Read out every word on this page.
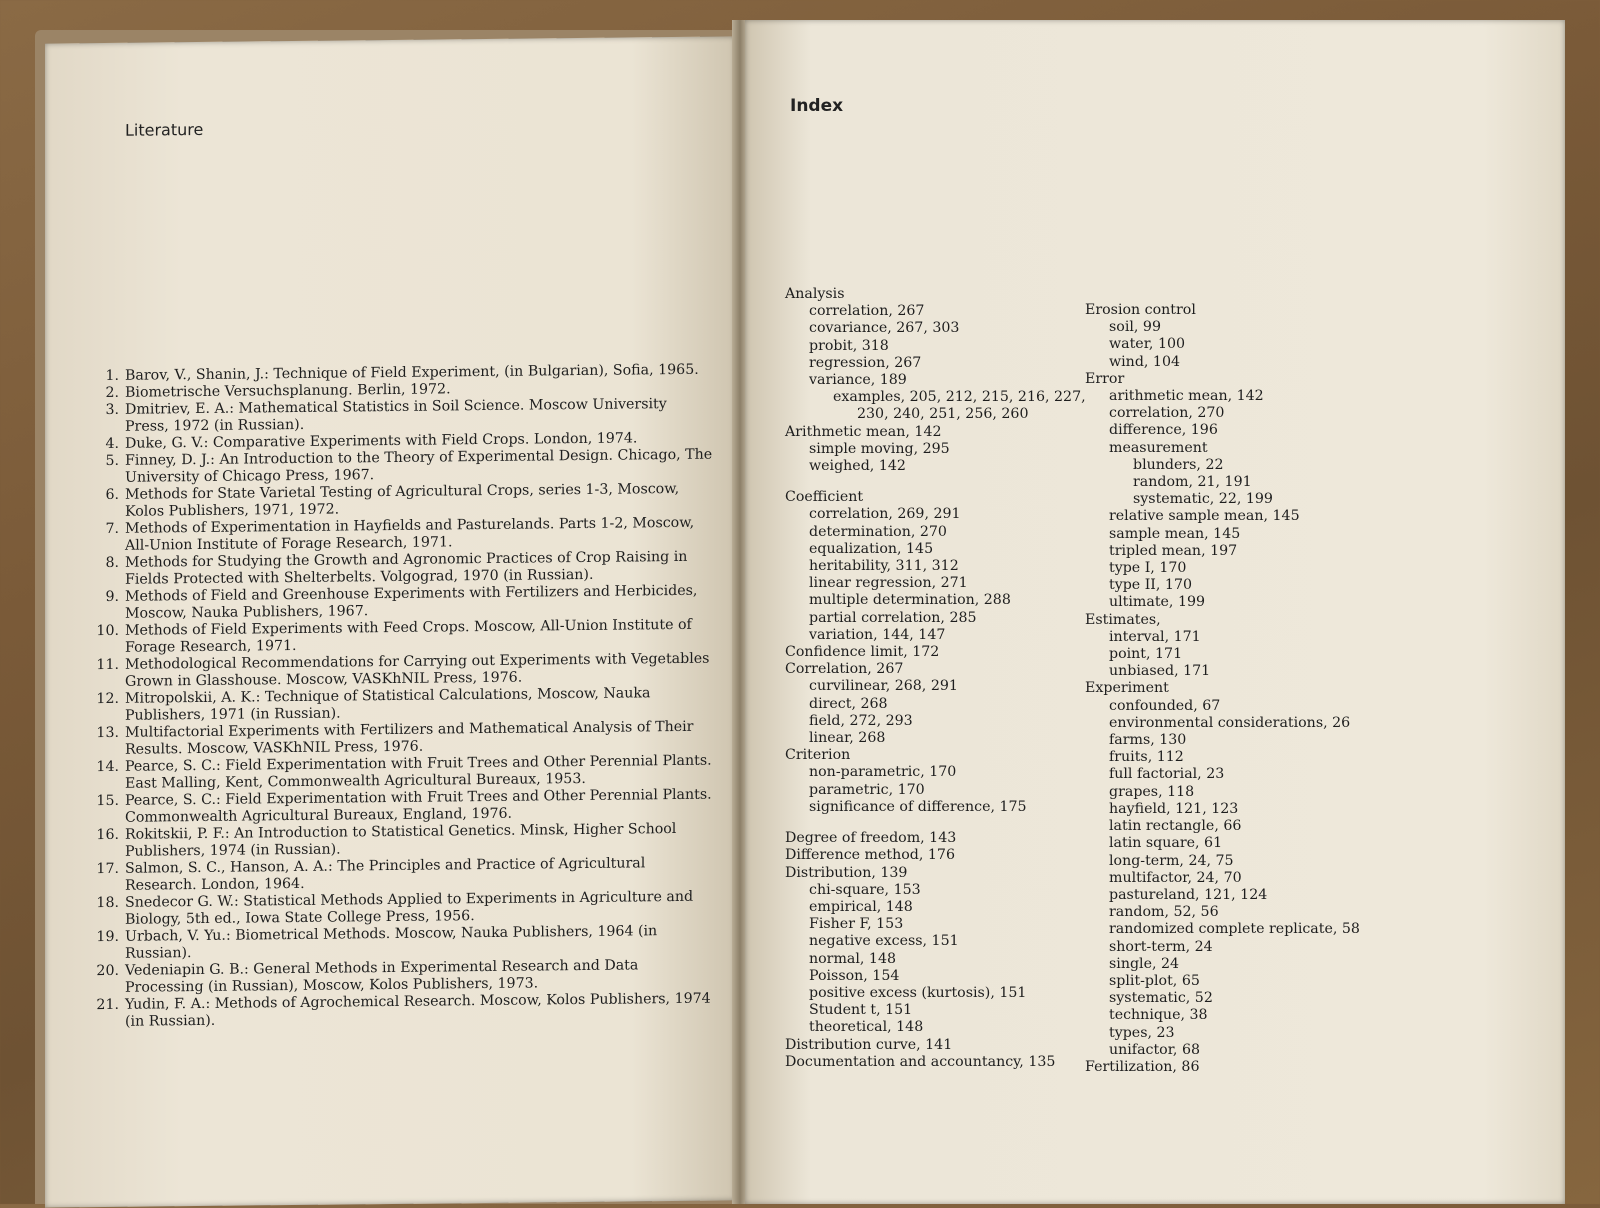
Literature
1. Barov, V., Shanin, J.: Technique of Field Experiment, (in Bulgarian), Sofia, 1965.
2. Biometrische Versuchsplanung. Berlin, 1972.
3. Dmitriev, E. A.: Mathematical Statistics in Soil Science. Moscow University Press, 1972 (in Russian).
4. Duke, G. V.: Comparative Experiments with Field Crops. London, 1974.
5. Finney, D. J.: An Introduction to the Theory of Experimental Design. Chicago, The University of Chicago Press, 1967.
6. Methods for State Varietal Testing of Agricultural Crops, series 1-3, Moscow, Kolos Publishers, 1971, 1972.
7. Methods of Experimentation in Hayfields and Pasturelands. Parts 1-2, Moscow, All-Union Institute of Forage Research, 1971.
8. Methods for Studying the Growth and Agronomic Practices of Crop Raising in Fields Protected with Shelterbelts. Volgograd, 1970 (in Russian).
9. Methods of Field and Greenhouse Experiments with Fertilizers and Herbicides, Moscow, Nauka Publishers, 1967.
10. Methods of Field Experiments with Feed Crops. Moscow, All-Union Institute of Forage Research, 1971.
11. Methodological Recommendations for Carrying out Experiments with Vegetables Grown in Glasshouse. Moscow, VASKhNIL Press, 1976.
12. Mitropolskii, A. K.: Technique of Statistical Calculations, Moscow, Nauka Publishers, 1971 (in Russian).
13. Multifactorial Experiments with Fertilizers and Mathematical Analysis of Their Results. Moscow, VASKhNIL Press, 1976.
14. Pearce, S. C.: Field Experimentation with Fruit Trees and Other Perennial Plants. East Malling, Kent, Commonwealth Agricultural Bureaux, 1953.
15. Pearce, S. C.: Field Experimentation with Fruit Trees and Other Perennial Plants. Commonwealth Agricultural Bureaux, England, 1976.
16. Rokitskii, P. F.: An Introduction to Statistical Genetics. Minsk, Higher School Publishers, 1974 (in Russian).
17. Salmon, S. C., Hanson, A. A.: The Principles and Practice of Agricultural Research. London, 1964.
18. Snedecor G. W.: Statistical Methods Applied to Experiments in Agriculture and Biology, 5th ed., Iowa State College Press, 1956.
19. Urbach, V. Yu.: Biometrical Methods. Moscow, Nauka Publishers, 1964 (in Russian).
20. Vedeniapin G. B.: General Methods in Experimental Research and Data Processing (in Russian), Moscow, Kolos Publishers, 1973.
21. Yudin, F. A.: Methods of Agrochemical Research. Moscow, Kolos Publishers, 1974 (in Russian).
Index
Analysis
correlation, 267
covariance, 267, 303
probit, 318
regression, 267
variance, 189
examples, 205, 212, 215, 216, 227,
230, 240, 251, 256, 260
Arithmetic mean, 142
simple moving, 295
weighed, 142
Coefficient
correlation, 269, 291
determination, 270
equalization, 145
heritability, 311, 312
linear regression, 271
multiple determination, 288
partial correlation, 285
variation, 144, 147
Confidence limit, 172
Correlation, 267
curvilinear, 268, 291
direct, 268
field, 272, 293
linear, 268
Criterion
non-parametric, 170
parametric, 170
significance of difference, 175
Degree of freedom, 143
Difference method, 176
Distribution, 139
chi-square, 153
empirical, 148
Fisher F, 153
negative excess, 151
normal, 148
Poisson, 154
positive excess (kurtosis), 151
Student t, 151
theoretical, 148
Distribution curve, 141
Documentation and accountancy, 135
Erosion control
soil, 99
water, 100
wind, 104
Error
arithmetic mean, 142
correlation, 270
difference, 196
measurement
blunders, 22
random, 21, 191
systematic, 22, 199
relative sample mean, 145
sample mean, 145
tripled mean, 197
type I, 170
type II, 170
ultimate, 199
Estimates,
interval, 171
point, 171
unbiased, 171
Experiment
confounded, 67
environmental considerations, 26
farms, 130
fruits, 112
full factorial, 23
grapes, 118
hayfield, 121, 123
latin rectangle, 66
latin square, 61
long-term, 24, 75
multifactor, 24, 70
pastureland, 121, 124
random, 52, 56
randomized complete replicate, 58
short-term, 24
single, 24
split-plot, 65
systematic, 52
technique, 38
types, 23
unifactor, 68
Fertilization, 86
